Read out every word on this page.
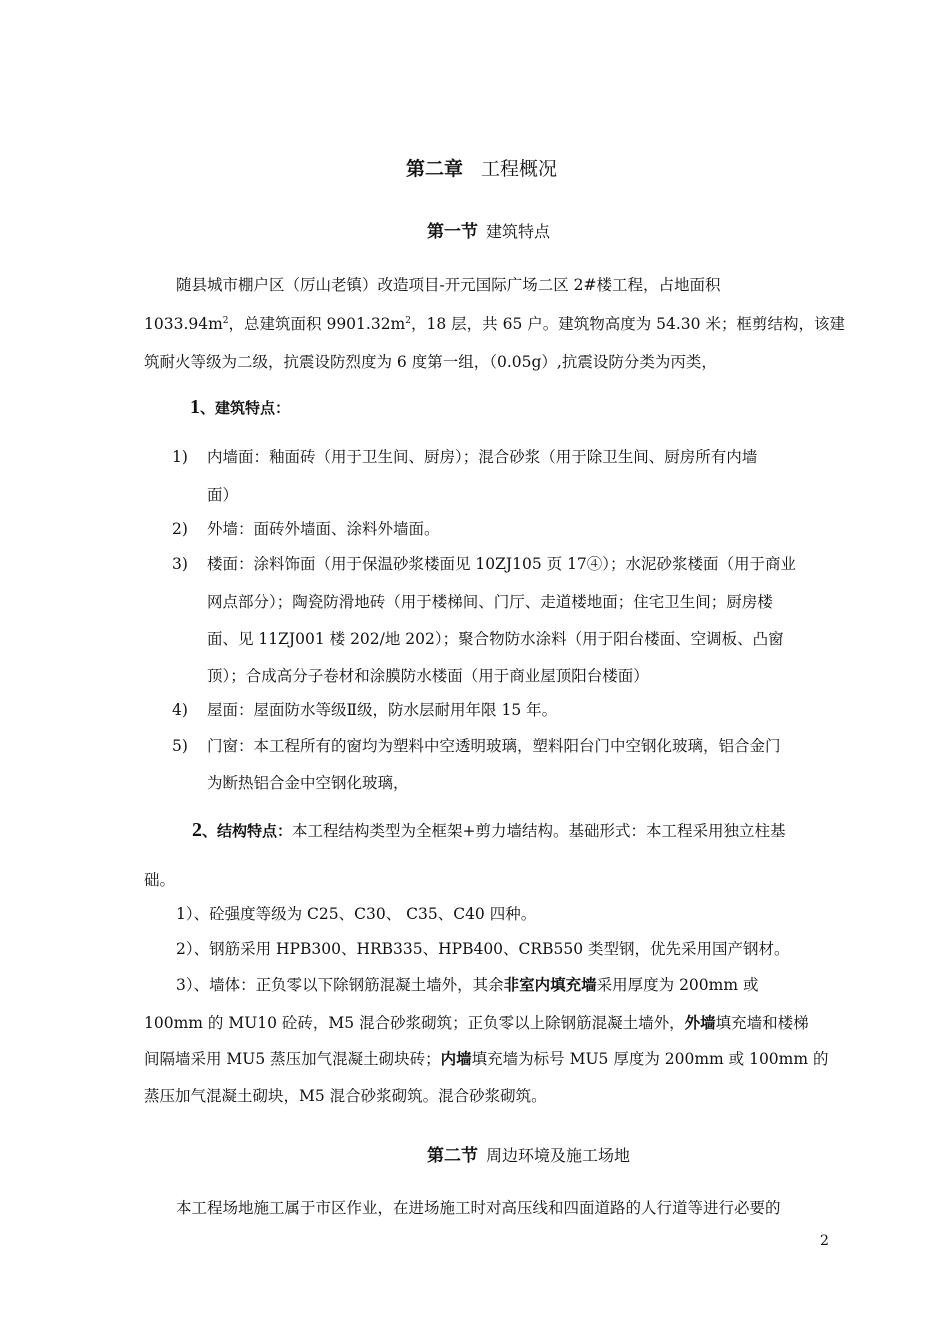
第二章 工程概况
第一节 建筑特点
随县城市棚户区（厉山老镇）改造项目-开元国际广场二区 2#楼工程，占地面积
$1033.94m^2$，总建筑面积 $9901.32m^2$，18 层，共 65 户。建筑物高度为 54.30 米；框剪结构，该建
筑耐火等级为二级，抗震设防烈度为 6 度第一组，（0.05g）,抗震设防分类为丙类，
1、建筑特点：
1) 内墙面：釉面砖（用于卫生间、厨房）；混合砂浆（用于除卫生间、厨房所有内墙
面）
2) 外墙：面砖外墙面、涂料外墙面。
3) 楼面：涂料饰面（用于保温砂浆楼面见 10ZJ105 页 17④）；水泥砂浆楼面（用于商业
网点部分）；陶瓷防滑地砖（用于楼梯间、门厅、走道楼地面；住宅卫生间；厨房楼
面、见 11ZJ001 楼 202/地 202）；聚合物防水涂料（用于阳台楼面、空调板、凸窗
顶）；合成高分子卷材和涂膜防水楼面（用于商业屋顶阳台楼面）
4) 屋面：屋面防水等级Ⅱ级，防水层耐用年限 15 年。
5) 门窗：本工程所有的窗均为塑料中空透明玻璃，塑料阳台门中空钢化玻璃，铝合金门
为断热铝合金中空钢化玻璃，
2、结构特点：本工程结构类型为全框架+剪力墙结构。基础形式：本工程采用独立柱基
础。
1）、砼强度等级为 C25、C30、 C35、C40 四种。
2）、钢筋采用 HPB300、HRB335、HPB400、CRB550 类型钢，优先采用国产钢材。
3）、墙体：正负零以下除钢筋混凝土墙外，其余非室内填充墙采用厚度为 200mm 或
100mm 的 MU10 砼砖，M5 混合砂浆砌筑；正负零以上除钢筋混凝土墙外，外墙填充墙和楼梯
间隔墙采用 MU5 蒸压加气混凝土砌块砖；内墙填充墙为标号 MU5 厚度为 200mm 或 100mm 的
蒸压加气混凝土砌块，M5 混合砂浆砌筑。混合砂浆砌筑。
第二节 周边环境及施工场地
本工程场地施工属于市区作业，在进场施工时对高压线和四面道路的人行道等进行必要的
2
